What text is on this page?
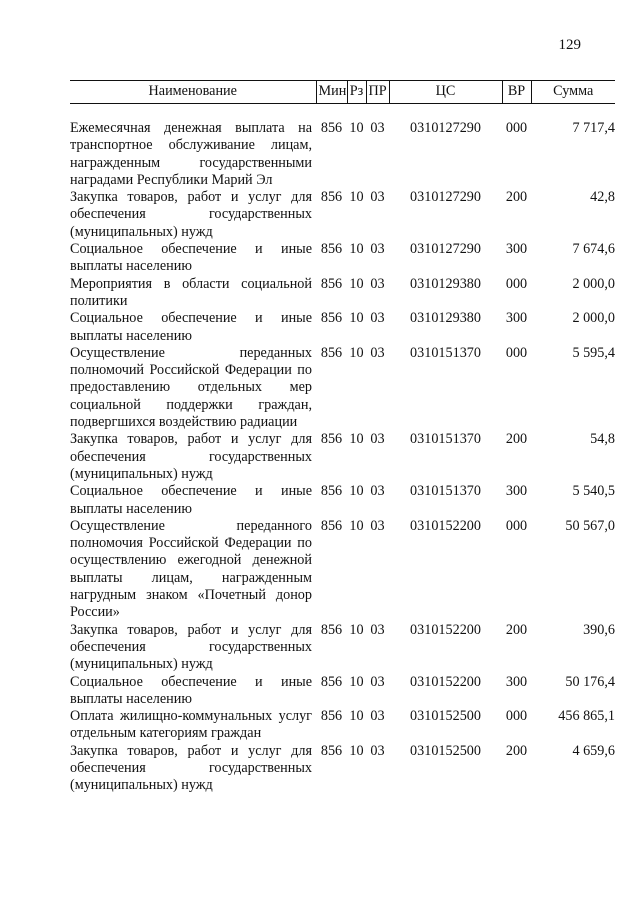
129
Наименование	Мин	Рз	ПР	ЦС	ВР	Сумма

Ежемесячная денежная выплата на транспортное обслуживание лицам, награжденным государственными наградами Республики Марий Эл	856	10	03	0310127290	000	7 717,4
Закупка товаров, работ и услуг для обеспечения государственных (муниципальных) нужд	856	10	03	0310127290	200	42,8
Социальное обеспечение и иные выплаты населению	856	10	03	0310127290	300	7 674,6
Мероприятия в области социальной политики	856	10	03	0310129380	000	2 000,0
Социальное обеспечение и иные выплаты населению	856	10	03	0310129380	300	2 000,0
Осуществление переданных полномочий Российской Федерации по предоставлению отдельных мер социальной поддержки граждан, подвергшихся воздействию радиации	856	10	03	0310151370	000	5 595,4
Закупка товаров, работ и услуг для обеспечения государственных (муниципальных) нужд	856	10	03	0310151370	200	54,8
Социальное обеспечение и иные выплаты населению	856	10	03	0310151370	300	5 540,5
Осуществление переданного полномочия Российской Федерации по осуществлению ежегодной денежной выплаты лицам, награжденным нагрудным знаком «Почетный донор России»	856	10	03	0310152200	000	50 567,0
Закупка товаров, работ и услуг для обеспечения государственных (муниципальных) нужд	856	10	03	0310152200	200	390,6
Социальное обеспечение и иные выплаты населению	856	10	03	0310152200	300	50 176,4
Оплата жилищно-коммунальных услуг отдельным категориям граждан	856	10	03	0310152500	000	456 865,1
Закупка товаров, работ и услуг для обеспечения государственных (муниципальных) нужд	856	10	03	0310152500	200	4 659,6
